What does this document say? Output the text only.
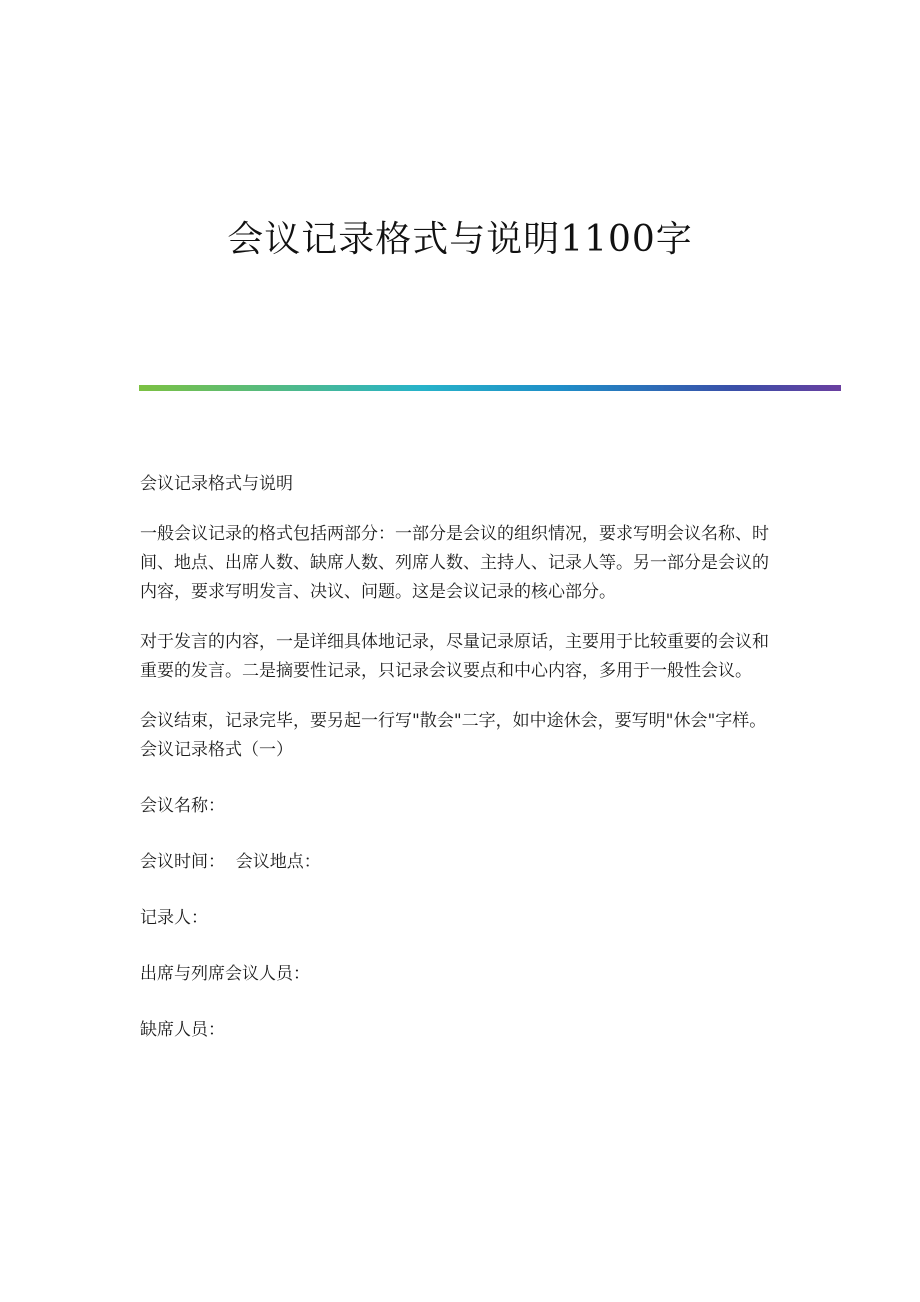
会议记录格式与说明1100字

会议记录格式与说明

一般会议记录的格式包括两部分：一部分是会议的组织情况，要求写明会议名称、时间、地点、出席人数、缺席人数、列席人数、主持人、记录人等。另一部分是会议的内容，要求写明发言、决议、问题。这是会议记录的核心部分。

对于发言的内容，一是详细具体地记录，尽量记录原话，主要用于比较重要的会议和重要的发言。二是摘要性记录，只记录会议要点和中心内容，多用于一般性会议。

会议结束，记录完毕，要另起一行写"散会"二字，如中途休会，要写明"休会"字样。 会议记录格式（一）

会议名称：

会议时间：  会议地点：

记录人：

出席与列席会议人员：

缺席人员：
